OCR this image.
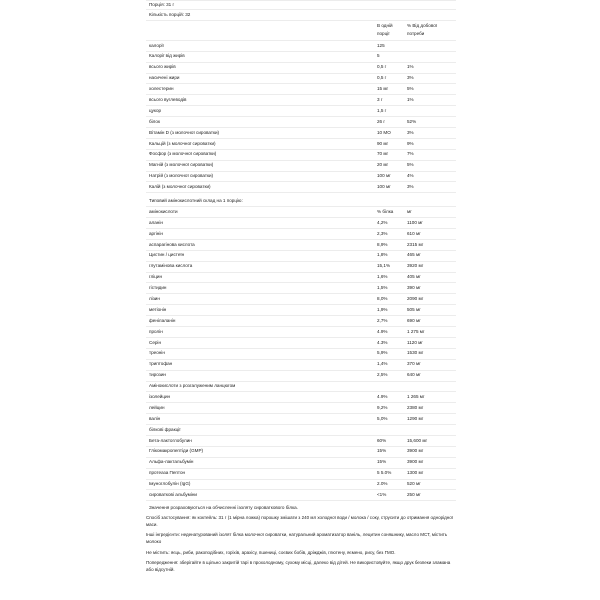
Порція: 31 г
Кількість порцій: 32
В одній
порції
% Від добової
потреби
калорії	125
Калорії від жирів	5
всього жирів	0,5 г	1%
насичені жири	0,5 г	3%
холестерин	15 мг	5%
всього вуглеводів	3 г	1%
цукор	1,5 г
білок	26 г	52%
Вітамін D (з молочної сироватки)	10 МО	3%
Кальцій (з молочної сироватки)	90 мг	9%
Фосфор (з молочної сироватки)	70 мг	7%
Магній (з молочної сироватки)	20 мг	5%
Натрій (з молочної сироватки)	100 мг	4%
Калій (з молочної сироватки)	100 мг	3%
Типовий амінокислотний склад на 1 порцію:
амінокислоти	% білка	мг
аланін	4,2%	1100 мг
аргінін	2,3%	610 мг
аспарагінова кислота	8,9%	2315 мг
Цистин / цистеїн	1,8%	465 мг
глутамінова кислота	15,1%	3920 мг
гліцин	1,6%	405 мг
гістидин	1,5%	390 мг
лізин	8,0%	2090 мг
метіонін	1,9%	505 мг
фенілаланін	2,7%	690 мг
пролін	4.9%	1 275 мг
Серін	4.3%	1120 мг
треонін	5,9%	1530 мг
триптофан	1,4%	370 мг
тирозин	2,5%	640 мг
Амінокислоти з розгалуженим ланцюгом
ізолейцин	4.9%	1 265 мг
лейцин	9,2%	2380 мг
валін	5,0%	1290 мг
білкові фракції
Бета-лактоглобулин	60%	15,600 мг
Глікомакропептіди (GMP)	15%	3900 мг
Альфа-лактальбумін	15%	3900 мг
протеаза Пептон	5 5.0%	1300 мг
Імуноглобулін (IgG)	2.0%	520 мг
сироваткові альбуміни	<1%	250 мг
Значення розраховуються на обчисленні ізоляту сироваткового білка.

Спосіб застосування: як коктейль: 31 г (1 мірна ложка) порошку змішати з 240 мл холодної води / молока / соку, струсити до отримання однорідної маси.

Інші інгредієнти: неденатурований ізолят білка молочної сироватки, натуральний ароматизатор ваніль, лецитин соняшнику, масло МСТ, містить молоко

Не містить: яєць, риби, ракоподібних, горіхів, арахісу, пшениці, соєвих бобів, дріжджів, глютену, яємено, рису, без ГМО.

Попередження: зберігайте в щільно закритій тарі в прохолодному, сухому місці, далеко від дітей. Не використовуйте, якщо друк безпеки зламана або відсутній.
